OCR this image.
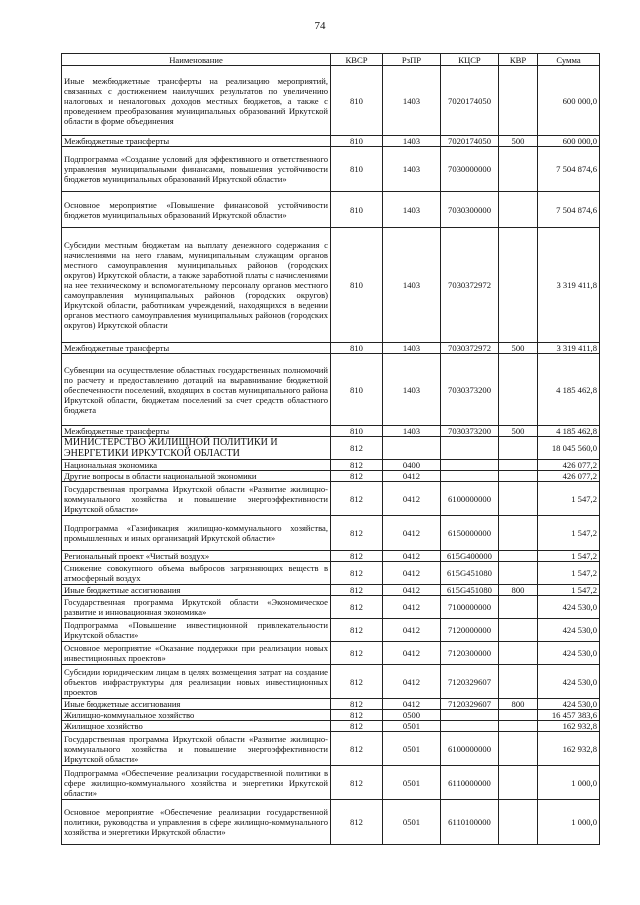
74
Наименование	КВСР	РзПР	КЦСР	КВР	Сумма
Иные межбюджетные трансферты на реализацию мероприятий, связанных с достижением наилучших результатов по увеличению налоговых и неналоговых доходов местных бюджетов, а также с проведением преобразования муниципальных образований Иркутской области в форме объединения	810	1403	7020174050		600 000,0
Межбюджетные трансферты	810	1403	7020174050	500	600 000,0
Подпрограмма «Создание условий для эффективного и ответственного управления муниципальными финансами, повышения устойчивости бюджетов муниципальных образований Иркутской области»	810	1403	7030000000		7 504 874,6
Основное мероприятие «Повышение финансовой устойчивости бюджетов муниципальных образований Иркутской области»	810	1403	7030300000		7 504 874,6
Субсидии местным бюджетам на выплату денежного содержания с начислениями на него главам, муниципальным служащим органов местного самоуправления муниципальных районов (городских округов) Иркутской области, а также заработной платы с начислениями на нее техническому и вспомогательному персоналу органов местного самоуправления муниципальных районов (городских округов) Иркутской области, работникам учреждений, находящихся в ведении органов местного самоуправления муниципальных районов (городских округов) Иркутской области	810	1403	7030372972		3 319 411,8
Межбюджетные трансферты	810	1403	7030372972	500	3 319 411,8
Субвенции на осуществление областных государственных полномочий по расчету и предоставлению дотаций на выравнивание бюджетной обеспеченности поселений, входящих в состав муниципального района Иркутской области, бюджетам поселений за счет средств областного бюджета	810	1403	7030373200		4 185 462,8
Межбюджетные трансферты	810	1403	7030373200	500	4 185 462,8
МИНИСТЕРСТВО ЖИЛИЩНОЙ ПОЛИТИКИ И ЭНЕРГЕТИКИ ИРКУТСКОЙ ОБЛАСТИ	812				18 045 560,0
Национальная экономика	812	0400			426 077,2
Другие вопросы в области национальной экономики	812	0412			426 077,2
Государственная программа Иркутской области «Развитие жилищно-коммунального хозяйства и повышение энергоэффективности Иркутской области»	812	0412	6100000000		1 547,2
Подпрограмма «Газификация жилищно-коммунального хозяйства, промышленных и иных организаций Иркутской области»	812	0412	6150000000		1 547,2
Региональный проект «Чистый воздух»	812	0412	615G400000		1 547,2
Снижение совокупного объема выбросов загрязняющих веществ в атмосферный воздух	812	0412	615G451080		1 547,2
Иные бюджетные ассигнования	812	0412	615G451080	800	1 547,2
Государственная программа Иркутской области «Экономическое развитие и инновационная экономика»	812	0412	7100000000		424 530,0
Подпрограмма «Повышение инвестиционной привлекательности Иркутской области»	812	0412	7120000000		424 530,0
Основное мероприятие «Оказание поддержки при реализации новых инвестиционных проектов»	812	0412	7120300000		424 530,0
Субсидии юридическим лицам в целях возмещения затрат на создание объектов инфраструктуры для реализации новых инвестиционных проектов	812	0412	7120329607		424 530,0
Иные бюджетные ассигнования	812	0412	7120329607	800	424 530,0
Жилищно-коммунальное хозяйство	812	0500			16 457 383,6
Жилищное хозяйство	812	0501			162 932,8
Государственная программа Иркутской области «Развитие жилищно-коммунального хозяйства и повышение энергоэффективности Иркутской области»	812	0501	6100000000		162 932,8
Подпрограмма «Обеспечение реализации государственной политики в сфере жилищно-коммунального хозяйства и энергетики Иркутской области»	812	0501	6110000000		1 000,0
Основное мероприятие «Обеспечение реализации государственной политики, руководства и управления в сфере жилищно-коммунального хозяйства и энергетики Иркутской области»	812	0501	6110100000		1 000,0
